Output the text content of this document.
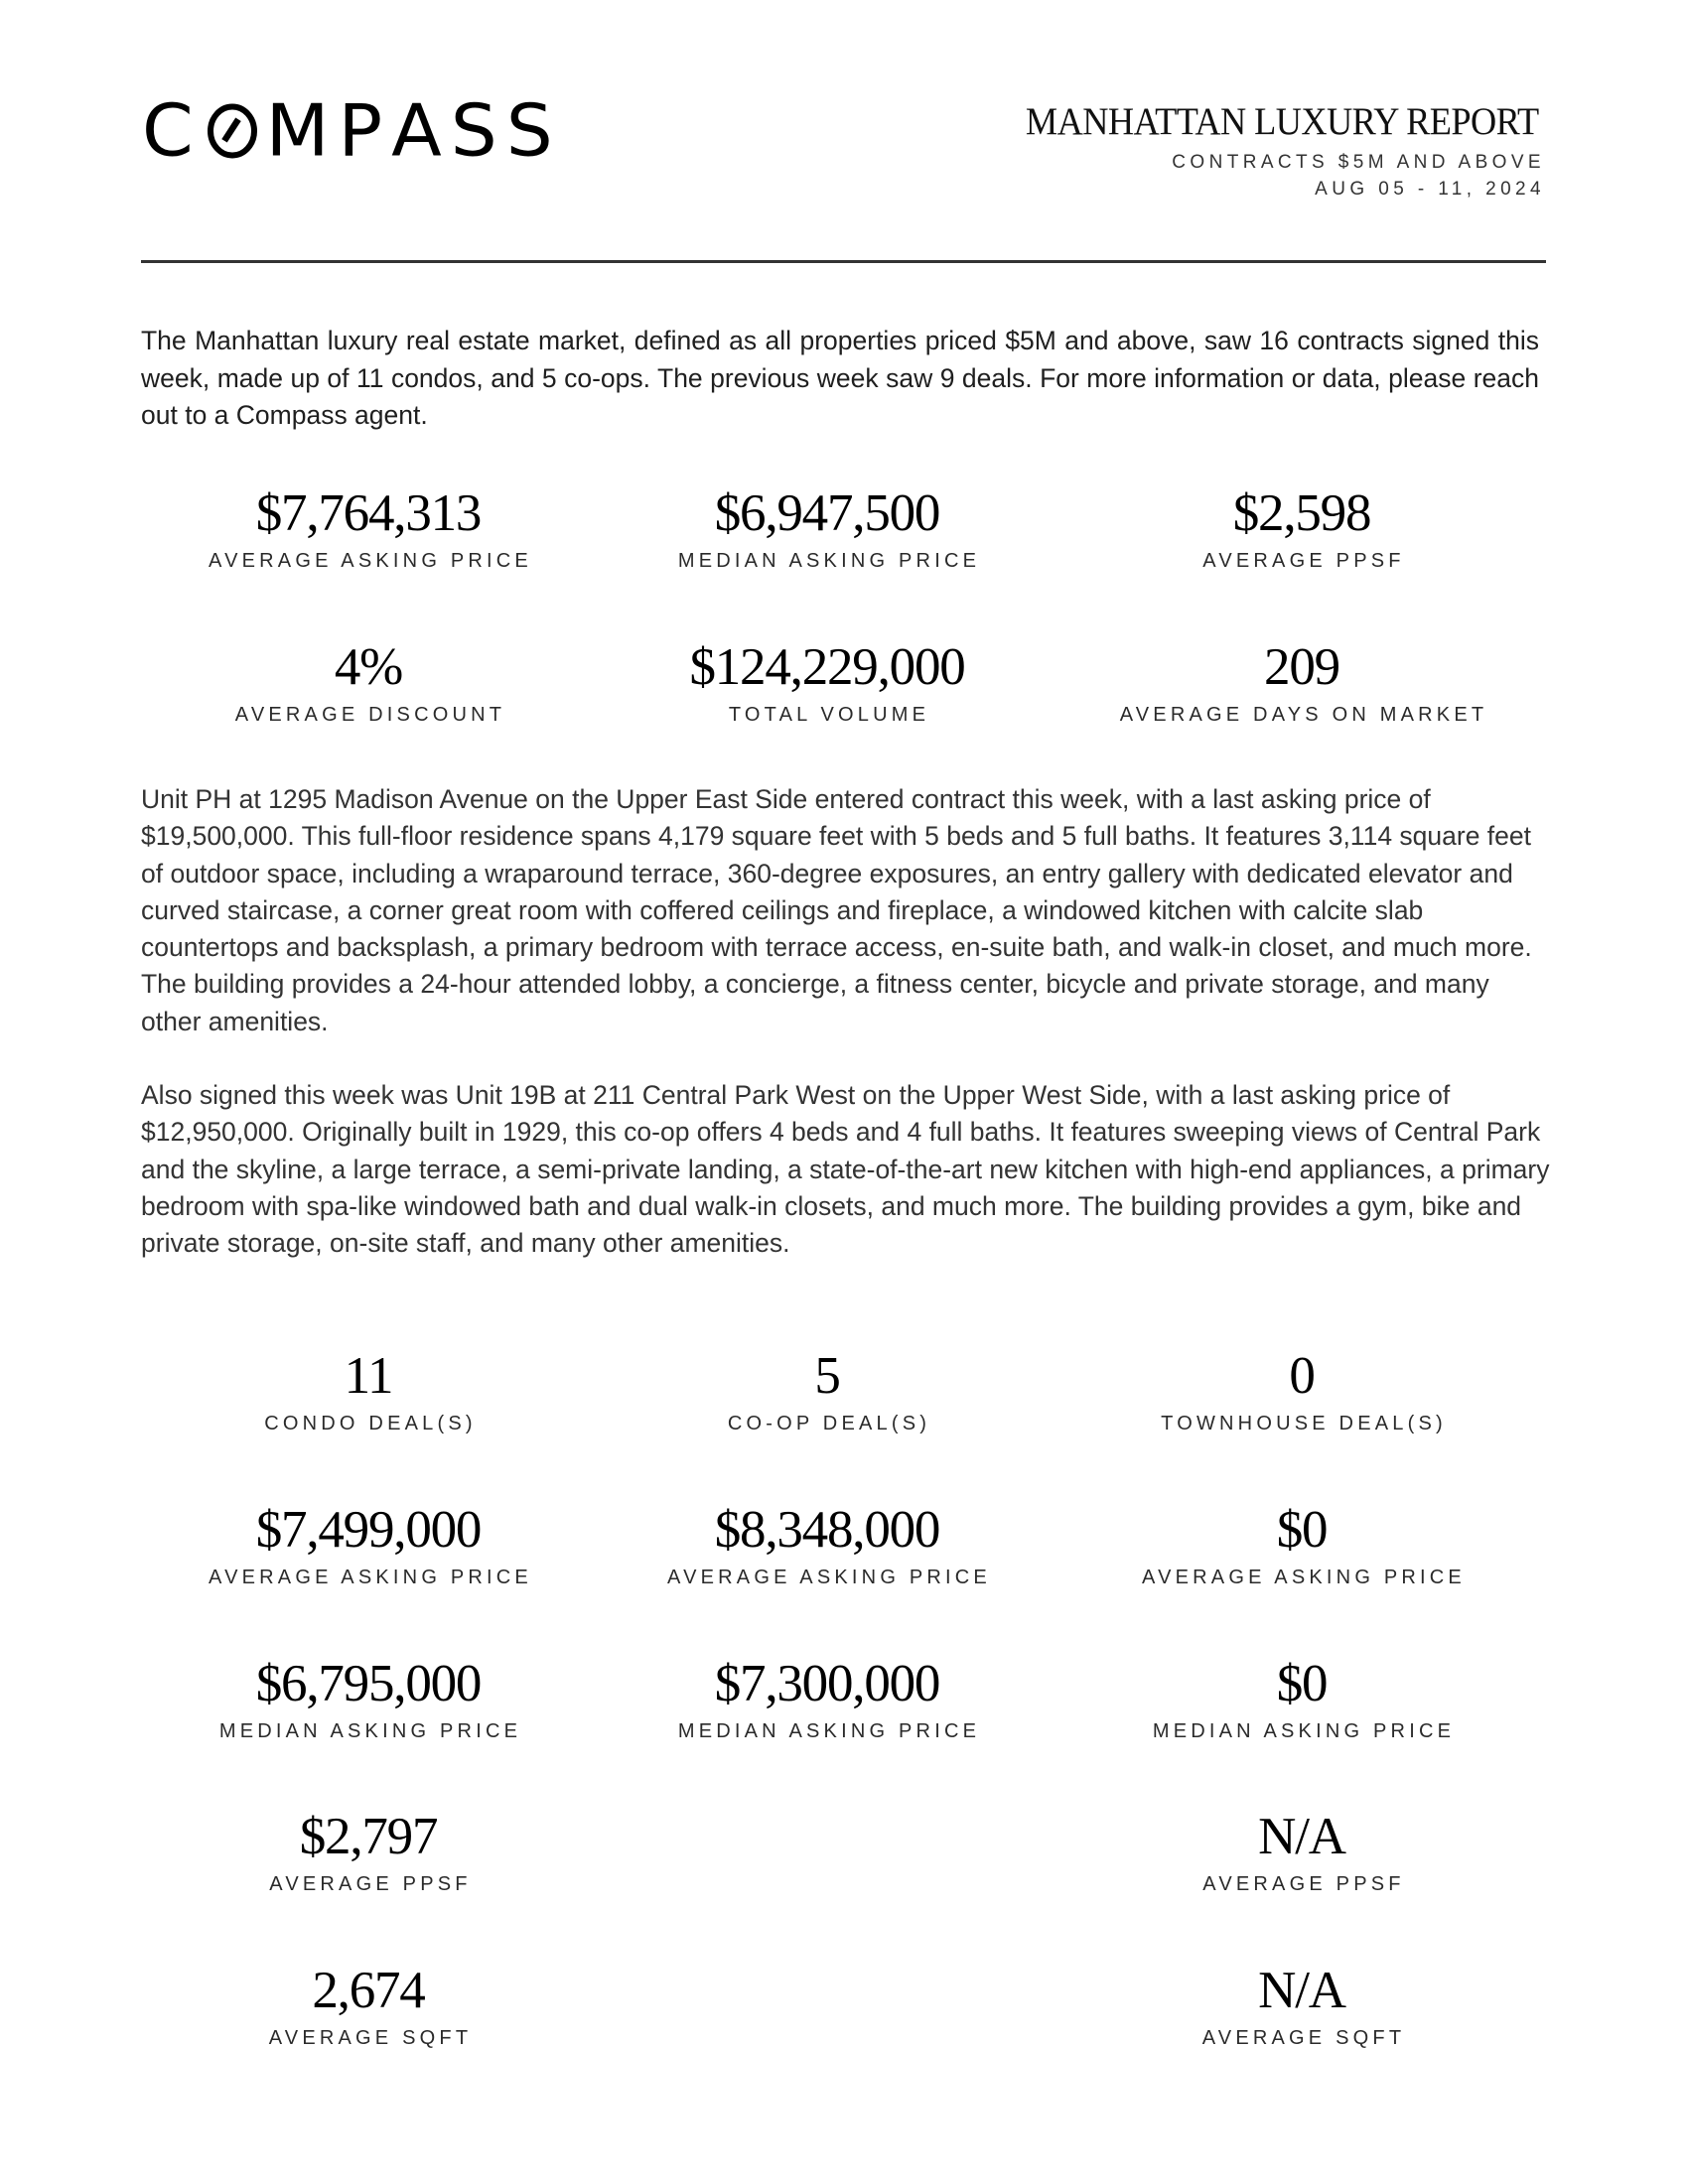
C M P A S S	MANHATTAN LUXURY REPORT
CONTRACTS $5M AND ABOVE
AUG 05 - 11, 2024

The Manhattan luxury real estate market, defined as all properties priced $5M and above, saw 16 contracts signed this week, made up of 11 condos, and 5 co-ops. The previous week saw 9 deals. For more information or data, please reach out to a Compass agent.

$7,764,313
AVERAGE ASKING PRICE
$6,947,500
MEDIAN ASKING PRICE
$2,598
AVERAGE PPSF
4%
AVERAGE DISCOUNT
$124,229,000
TOTAL VOLUME
209
AVERAGE DAYS ON MARKET

Unit PH at 1295 Madison Avenue on the Upper East Side entered contract this week, with a last asking price of $19,500,000. This full-floor residence spans 4,179 square feet with 5 beds and 5 full baths. It features 3,114 square feet of outdoor space, including a wraparound terrace, 360-degree exposures, an entry gallery with dedicated elevator and curved staircase, a corner great room with coffered ceilings and fireplace, a windowed kitchen with calcite slab countertops and backsplash, a primary bedroom with terrace access, en-suite bath, and walk-in closet, and much more. The building provides a 24-hour attended lobby, a concierge, a fitness center, bicycle and private storage, and many other amenities.

Also signed this week was Unit 19B at 211 Central Park West on the Upper West Side, with a last asking price of $12,950,000. Originally built in 1929, this co-op offers 4 beds and 4 full baths. It features sweeping views of Central Park and the skyline, a large terrace, a semi-private landing, a state-of-the-art new kitchen with high-end appliances, a primary bedroom with spa-like windowed bath and dual walk-in closets, and much more. The building provides a gym, bike and private storage, on-site staff, and many other amenities.

11
CONDO DEAL(S)
5
CO-OP DEAL(S)
0
TOWNHOUSE DEAL(S)
$7,499,000
AVERAGE ASKING PRICE
$8,348,000
AVERAGE ASKING PRICE
$0
AVERAGE ASKING PRICE
$6,795,000
MEDIAN ASKING PRICE
$7,300,000
MEDIAN ASKING PRICE
$0
MEDIAN ASKING PRICE
$2,797
AVERAGE PPSF
N/A
AVERAGE PPSF
2,674
AVERAGE SQFT
N/A
AVERAGE SQFT
